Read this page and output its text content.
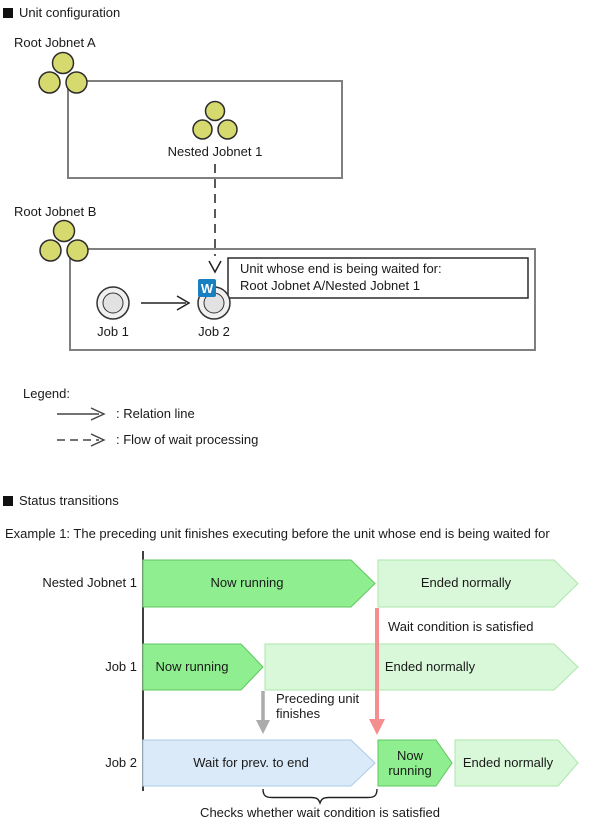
Unit configuration
Root Jobnet A
Nested Jobnet 1
Root Jobnet B
W
Unit whose end is being waited for:
Root Jobnet A/Nested Jobnet 1
Job 1	Job 2
Legend:
: Relation line
: Flow of wait processing
Status transitions
Example 1: The preceding unit finishes executing before the unit whose end is being waited for
Nested Jobnet 1
Job 1
Job 2
Now running	Ended normally
Now running	Ended normally
Wait for prev. to end	Now running
Ended normally
Wait condition is satisfied
Preceding unit finishes
Checks whether wait condition is satisfied
